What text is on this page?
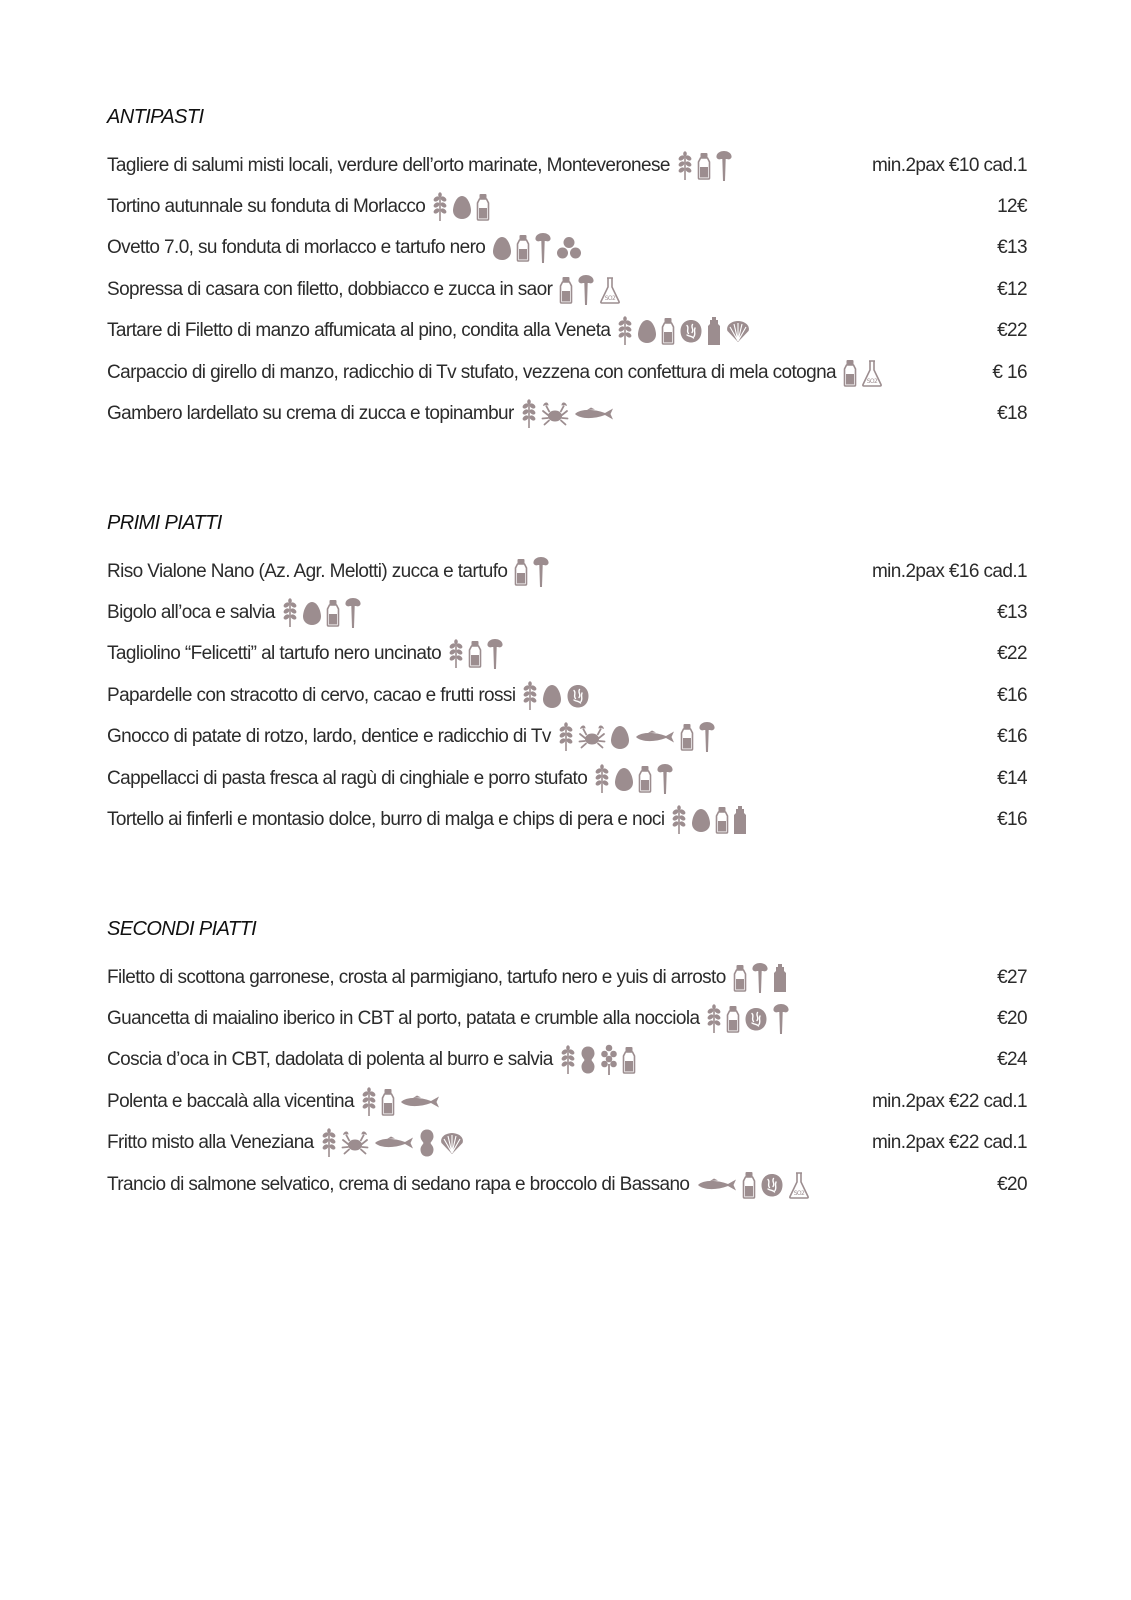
ANTIPASTI
Tagliere di salumi misti locali, verdure dell’orto marinate, Monteveronese	min.2pax €10 cad.1
Tortino autunnale su fonduta di Morlacco	12€
Ovetto 7.0, su fonduta di morlacco e tartufo nero	€13
Sopressa di casara con filetto, dobbiacco e zucca in saor	SO2	€12
Tartare di Filetto di manzo affumicata al pino, condita alla Veneta	€22
Carpaccio di girello di manzo, radicchio di Tv stufato, vezzena con confettura di mela cotogna	SO2	€ 16
Gambero lardellato su crema di zucca e topinambur	€18
PRIMI PIATTI
Riso Vialone Nano (Az. Agr. Melotti) zucca e tartufo	min.2pax €16 cad.1
Bigolo all’oca e salvia	€13
Tagliolino “Felicetti” al tartufo nero uncinato	€22
Papardelle con stracotto di cervo, cacao e frutti rossi	€16
Gnocco di patate di rotzo, lardo, dentice e radicchio di Tv	€16
Cappellacci di pasta fresca al ragù di cinghiale e porro stufato	€14
Tortello ai finferli e montasio dolce, burro di malga e chips di pera e noci	€16
SECONDI PIATTI
Filetto di scottona garronese, crosta al parmigiano, tartufo nero e yuis di arrosto	€27
Guancetta di maialino iberico in CBT al porto, patata e crumble alla nocciola	€20
Coscia d’oca in CBT, dadolata di polenta al burro e salvia	€24
Polenta e baccalà alla vicentina	min.2pax €22 cad.1
Fritto misto alla Veneziana	min.2pax €22 cad.1
Trancio di salmone selvatico, crema di sedano rapa e broccolo di Bassano	SO2	€20
